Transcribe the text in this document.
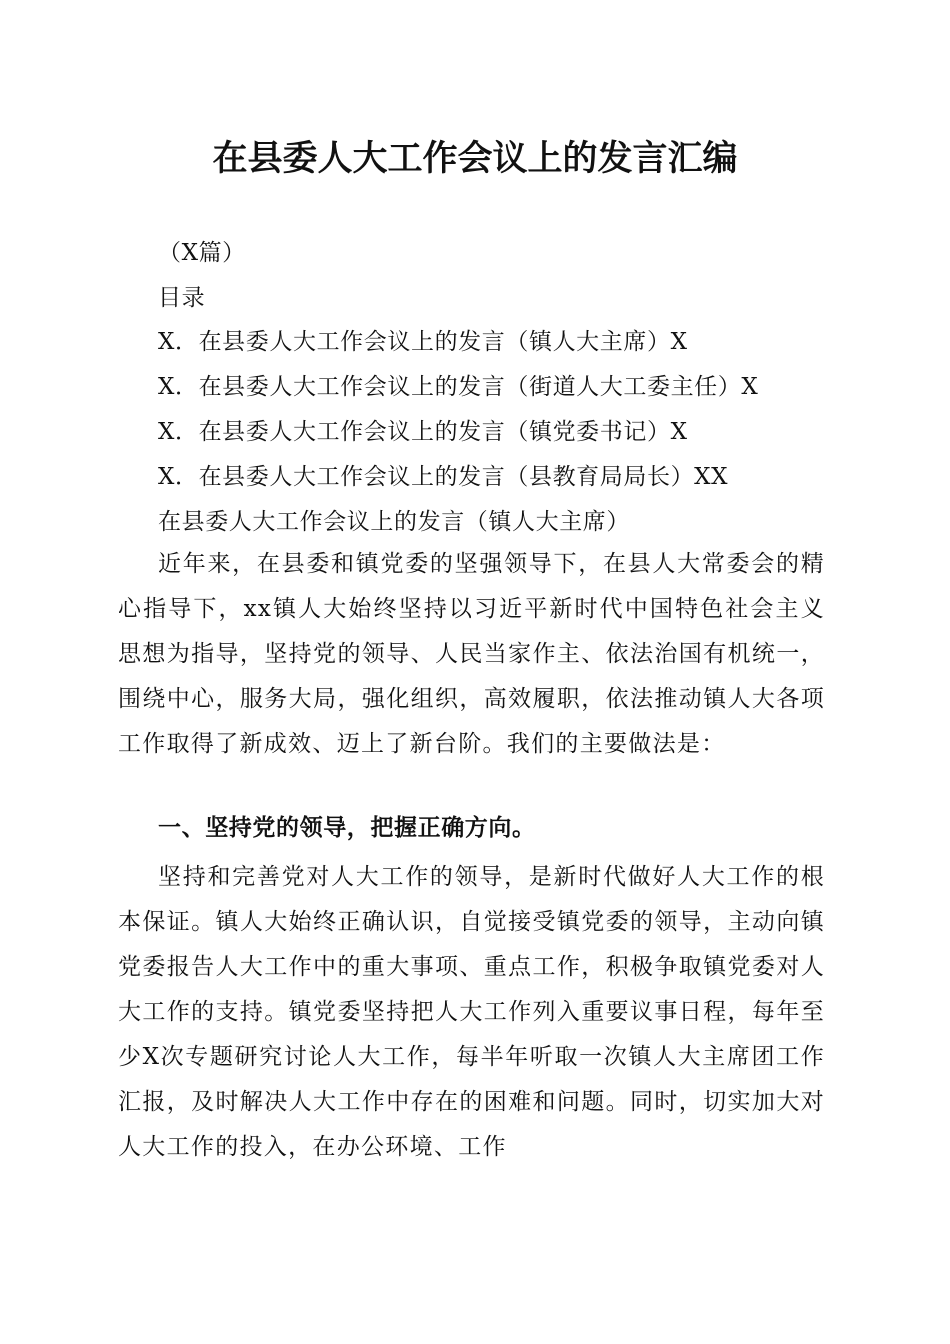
在县委人大工作会议上的发言汇编
（X篇）
目录
X．在县委人大工作会议上的发言（镇人大主席）X
X．在县委人大工作会议上的发言（街道人大工委主任）X
X．在县委人大工作会议上的发言（镇党委书记）X
X．在县委人大工作会议上的发言（县教育局局长）XX
在县委人大工作会议上的发言（镇人大主席）

近年来，在县委和镇党委的坚强领导下，在县人大常委会的精心指导下，xx镇人大始终坚持以习近平新时代中国特色社会主义思想为指导，坚持党的领导、人民当家作主、依法治国有机统一，围绕中心，服务大局，强化组织，高效履职，依法推动镇人大各项工作取得了新成效、迈上了新台阶。我们的主要做法是：

一、坚持党的领导，把握正确方向。

坚持和完善党对人大工作的领导，是新时代做好人大工作的根本保证。镇人大始终正确认识，自觉接受镇党委的领导，主动向镇党委报告人大工作中的重大事项、重点工作，积极争取镇党委对人大工作的支持。镇党委坚持把人大工作列入重要议事日程，每年至少X次专题研究讨论人大工作，每半年听取一次镇人大主席团工作汇报，及时解决人大工作中存在的困难和问题。同时，切实加大对人大工作的投入，在办公环境、工作
